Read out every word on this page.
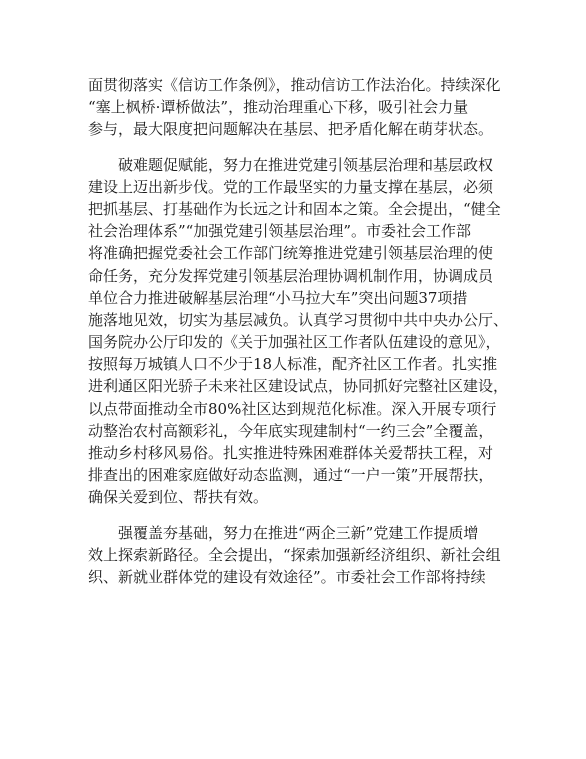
面贯彻落实《信访工作条例》，推动信访工作法治化。持续深化
“塞上枫桥·谭桥做法”，推动治理重心下移，吸引社会力量
参与，最大限度把问题解决在基层、把矛盾化解在萌芽状态。
破难题促赋能，努力在推进党建引领基层治理和基层政权
建设上迈出新步伐。党的工作最坚实的力量支撑在基层，必须
把抓基层、打基础作为长远之计和固本之策。全会提出，“健全
社会治理体系”“加强党建引领基层治理”。市委社会工作部
将准确把握党委社会工作部门统筹推进党建引领基层治理的使
命任务，充分发挥党建引领基层治理协调机制作用，协调成员
单位合力推进破解基层治理“小马拉大车”突出问题37项措
施落地见效，切实为基层减负。认真学习贯彻中共中央办公厅、
国务院办公厅印发的《关于加强社区工作者队伍建设的意见》，
按照每万城镇人口不少于18人标准，配齐社区工作者。扎实推
进利通区阳光骄子未来社区建设试点，协同抓好完整社区建设，
以点带面推动全市80%社区达到规范化标准。深入开展专项行
动整治农村高额彩礼，今年底实现建制村“一约三会”全覆盖，
推动乡村移风易俗。扎实推进特殊困难群体关爱帮扶工程，对
排查出的困难家庭做好动态监测，通过“一户一策”开展帮扶，
确保关爱到位、帮扶有效。
强覆盖夯基础，努力在推进“两企三新”党建工作提质增
效上探索新路径。全会提出，“探索加强新经济组织、新社会组
织、新就业群体党的建设有效途径”。市委社会工作部将持续
